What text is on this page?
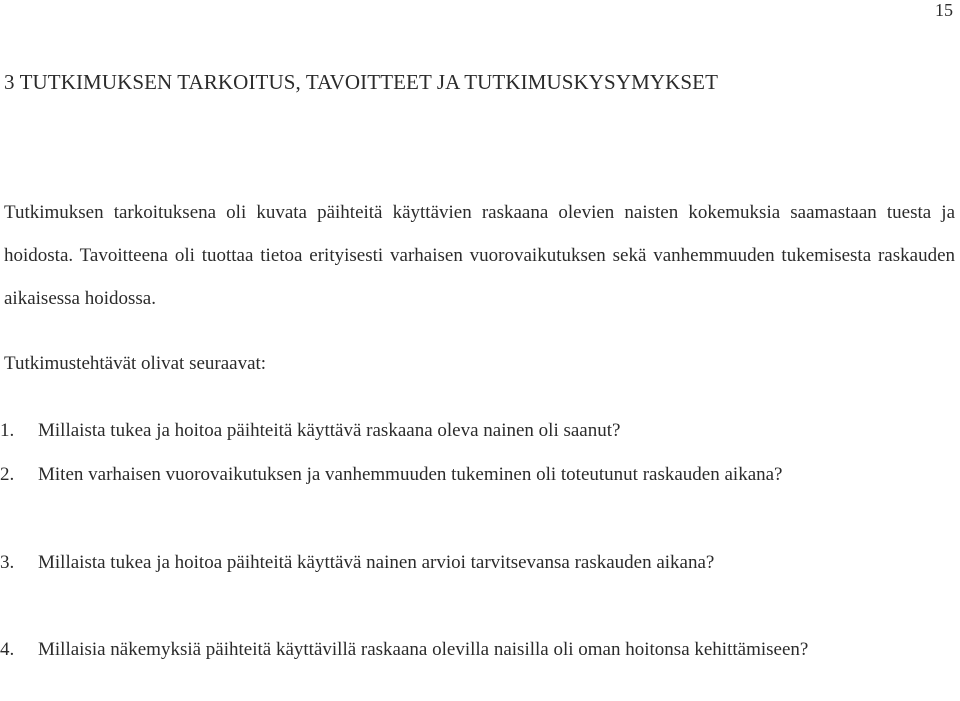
15
3 TUTKIMUKSEN TARKOITUS, TAVOITTEET JA TUTKIMUSKYSYMYKSET
Tutkimuksen tarkoituksena oli kuvata päihteitä käyttävien raskaana olevien naisten kokemuksia saamastaan tuesta ja hoidosta. Tavoitteena oli tuottaa tietoa erityisesti varhaisen vuorovaikutuksen sekä vanhemmuuden tukemisesta raskauden aikaisessa hoidossa.
Tutkimustehtävät olivat seuraavat:
1.	Millaista tukea ja hoitoa päihteitä käyttävä raskaana oleva nainen oli saanut?
2.	Miten varhaisen vuorovaikutuksen ja vanhemmuuden tukeminen oli toteutunut raskauden aikana?
3.	Millaista tukea ja hoitoa päihteitä käyttävä nainen arvioi tarvitsevansa raskauden aikana?
4.	Millaisia näkemyksiä päihteitä käyttävillä raskaana olevilla naisilla oli oman hoitonsa kehittämiseen?
